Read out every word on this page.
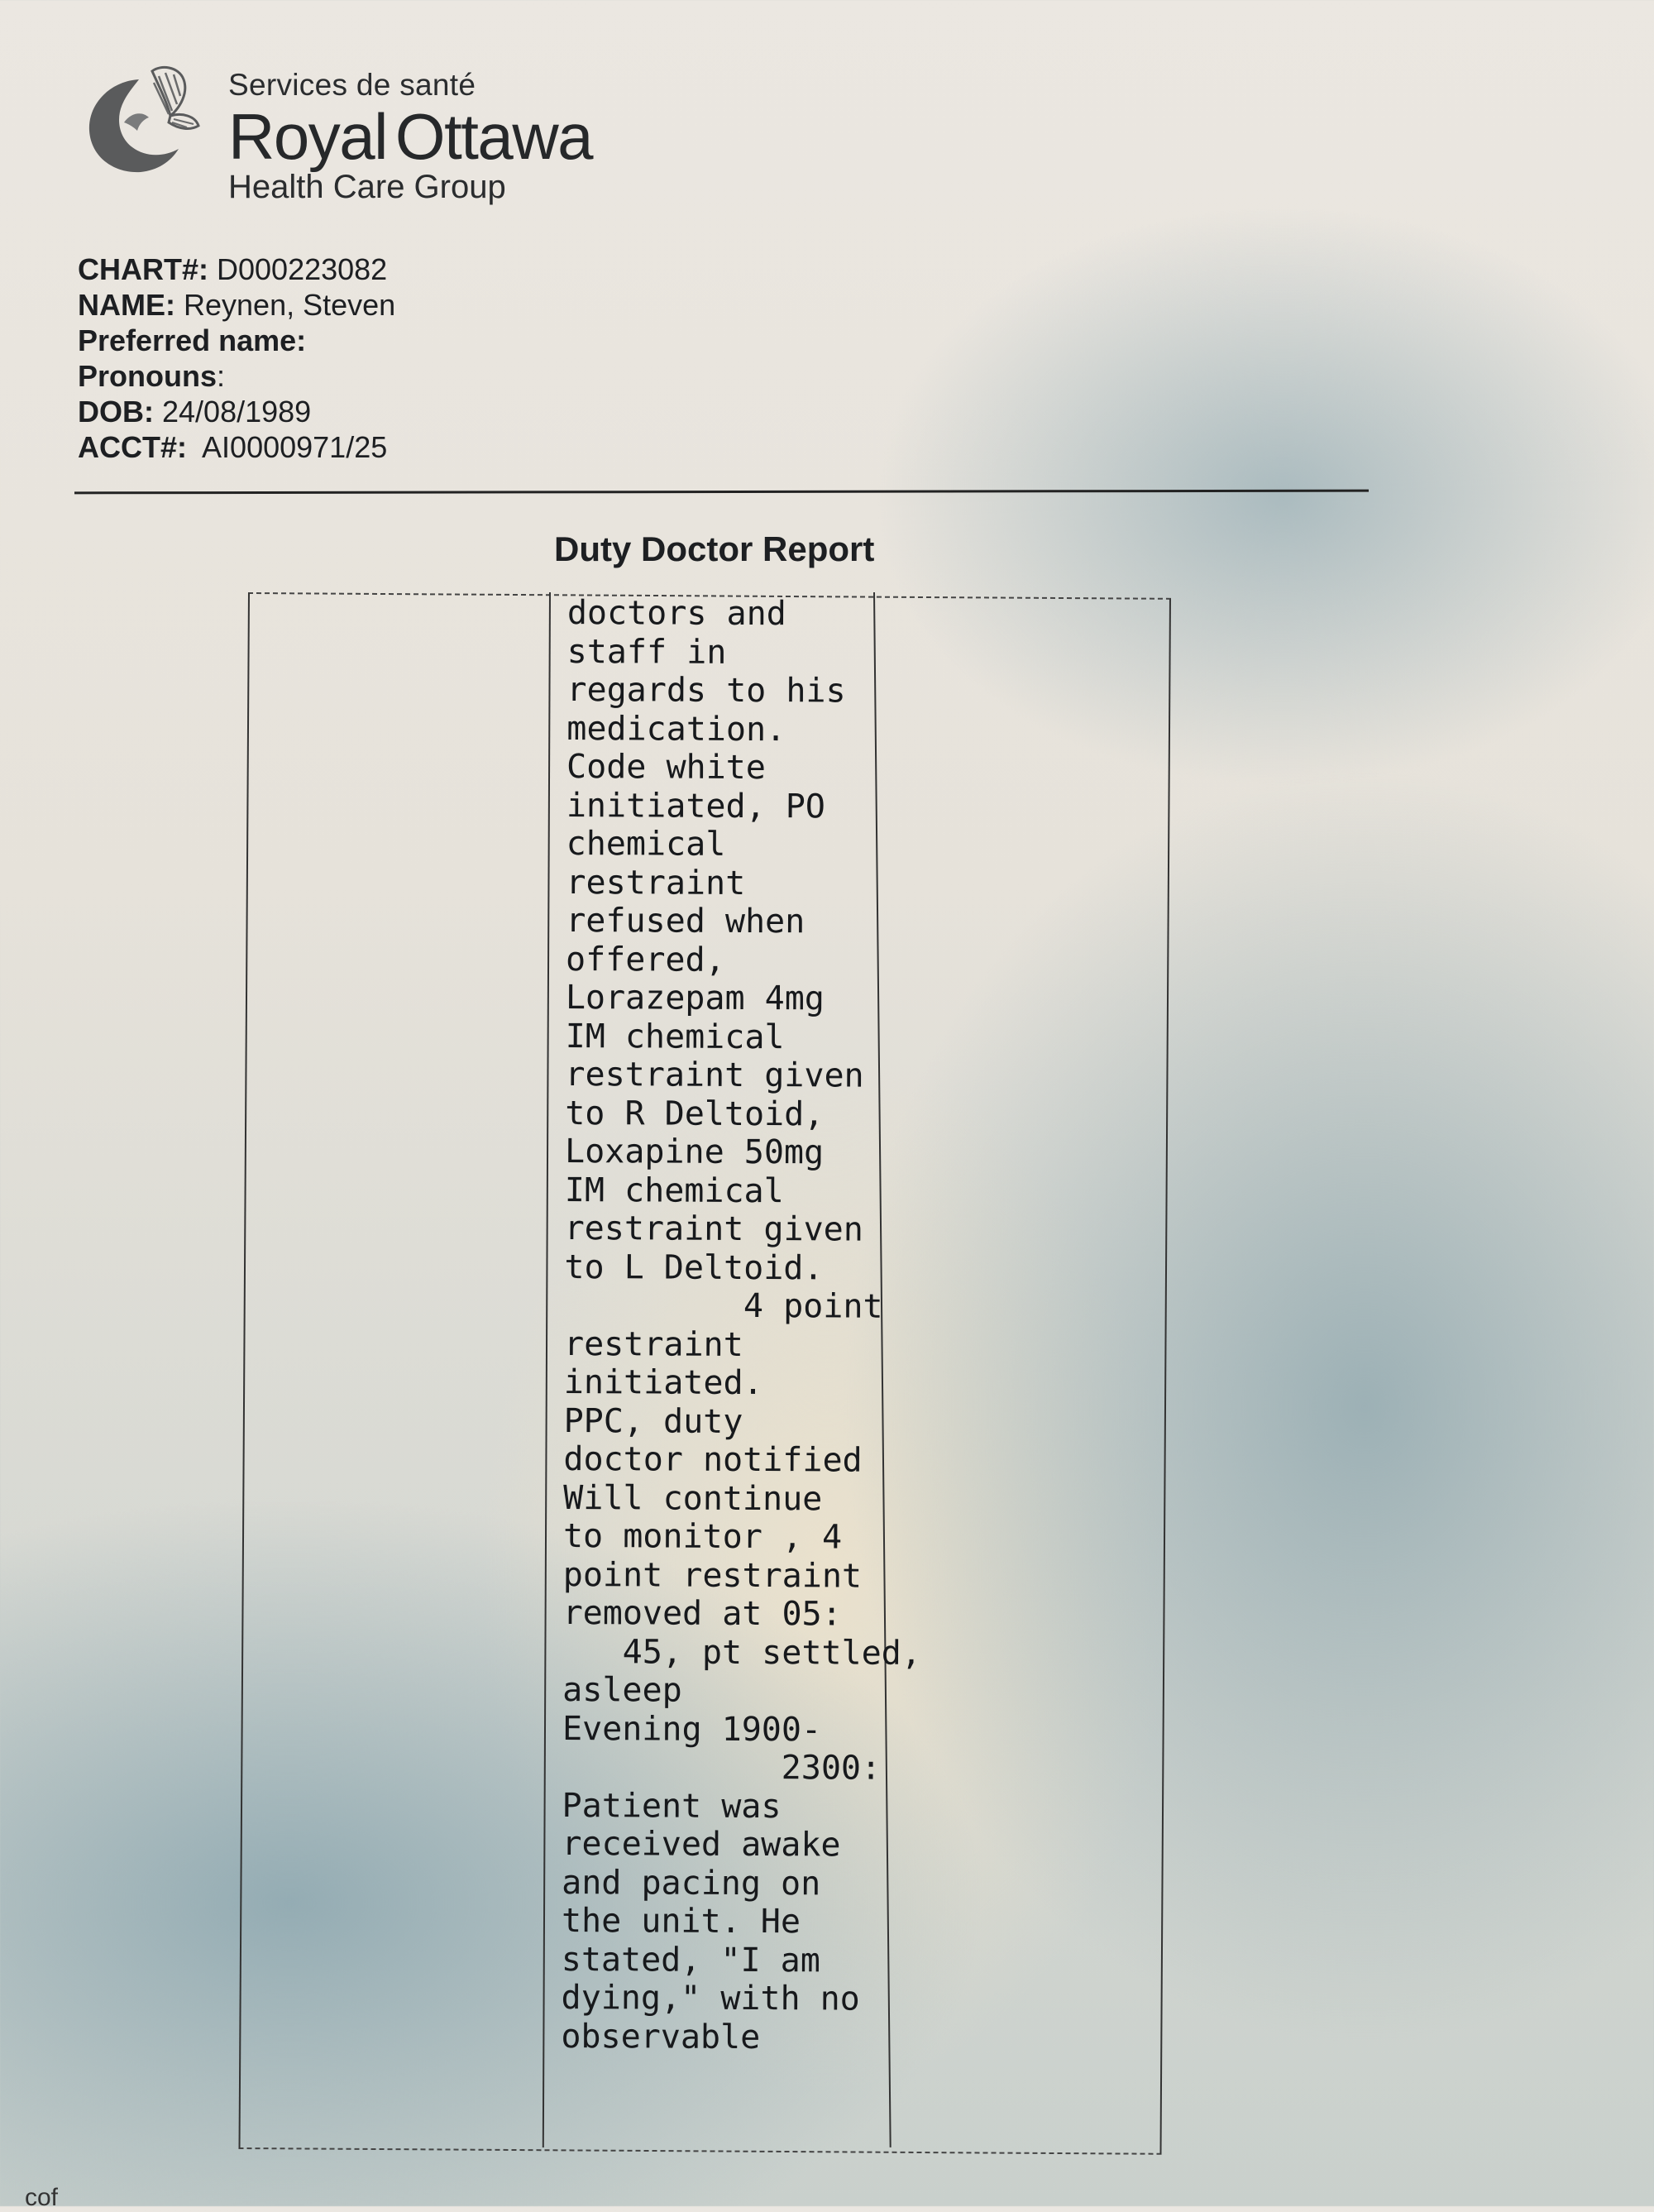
Services de santé
Royal Ottawa
Health Care Group
CHART#: D000223082
NAME: Reynen, Steven
Preferred name:
Pronouns:
DOB: 24/08/1989
ACCT#: AI0000971/25
Duty Doctor Report
doctors and
staff in
regards to his
medication.
Code white
initiated, PO
chemical
restraint
refused when
offered,
Lorazepam 4mg
IM chemical
restraint given
to R Deltoid,
Loxapine 50mg
IM chemical
restraint given
to L Deltoid.
4 point
restraint
initiated.
PPC, duty
doctor notified
Will continue
to monitor , 4
point restraint
removed at 05:
45, pt settled,
asleep
Evening 1900-
2300:
Patient was
received awake
and pacing on
the unit. He
stated, "I am
dying," with no
observable
cof
